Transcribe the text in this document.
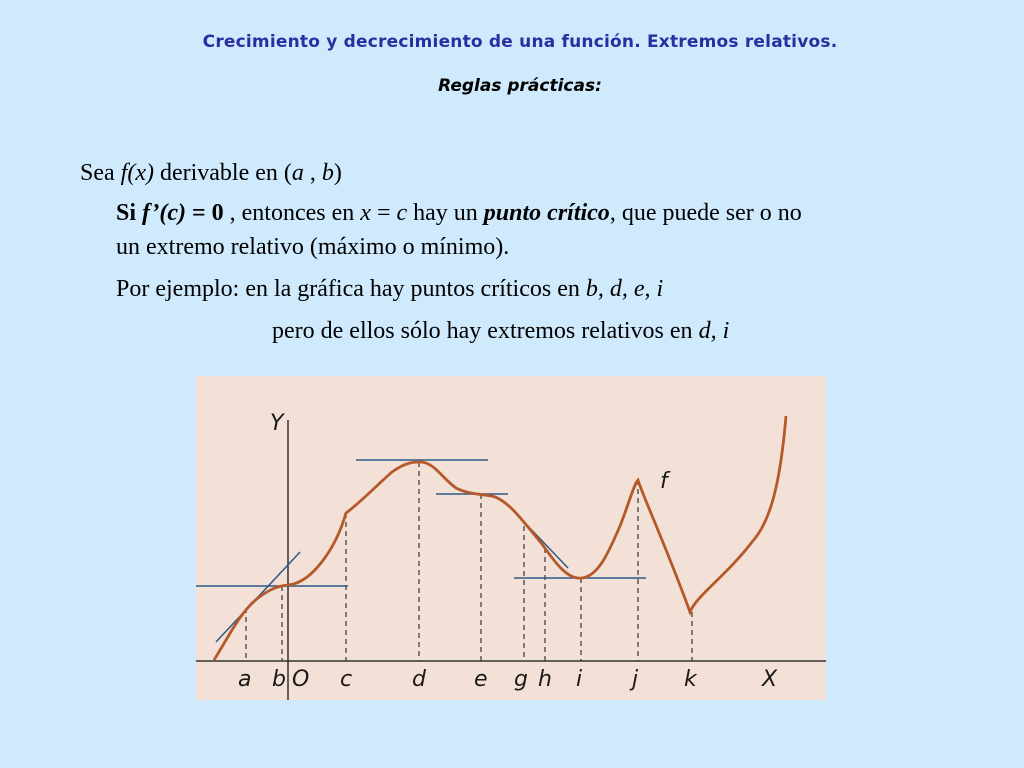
Crecimiento y decrecimiento de una función. Extremos relativos.
Reglas prácticas:
Sea f(x) derivable en (a , b)
Si f’(c) = 0 , entonces en x = c hay un punto crítico, que puede ser o no
un extremo relativo (máximo o mínimo).
Por ejemplo: en la gráfica hay puntos críticos en b, d, e, i
pero de ellos sólo hay extremos relativos en d, i
Y
X
O
f
a b c	d e g h i j k
